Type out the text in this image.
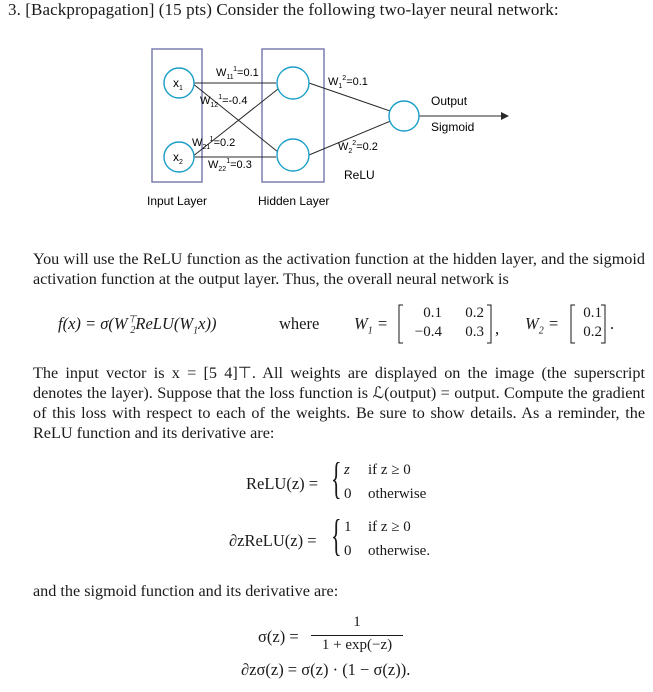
3. [Backpropagation] (15 pts) Consider the following two-layer neural network:
$x_1$
$x_2$
$W_{11}^1=0.1$
$W_{12}^1=-0.4$
$W_{21}^1=0.2$
$W_{22}^1=0.3$
$W_1^2=0.1$
$W_2^2=0.2$
ReLU
Output
Sigmoid
Input Layer	Hidden Layer
You will use the ReLU function as the activation function at the hidden layer, and the sigmoid activation function at the output layer. Thus, the overall neural network is
$f(x) = \sigma(W^⊤_2ReLU(W_1x))$	where $W_1$ =
0.1	0.2
−0.4	0.3 , $W_2$ =
0.1
0.2 .
The input vector is x = [5 4]⊤. All weights are displayed on the image (the superscript denotes the layer). Suppose that the loss function is ℒ(output) = output. Compute the gradient of this loss with respect to each of the weights. Be sure to show details. As a reminder, the ReLU function and its derivative are:
ReLU(z) = { z if z ≥ 0
0 otherwise
∂zReLU(z) = { 1 if z ≥ 0
0 otherwise.
and the sigmoid function and its derivative are:
σ(z) =
1
1 + exp(−z)
∂zσ(z) = σ(z) · (1 − σ(z)).
